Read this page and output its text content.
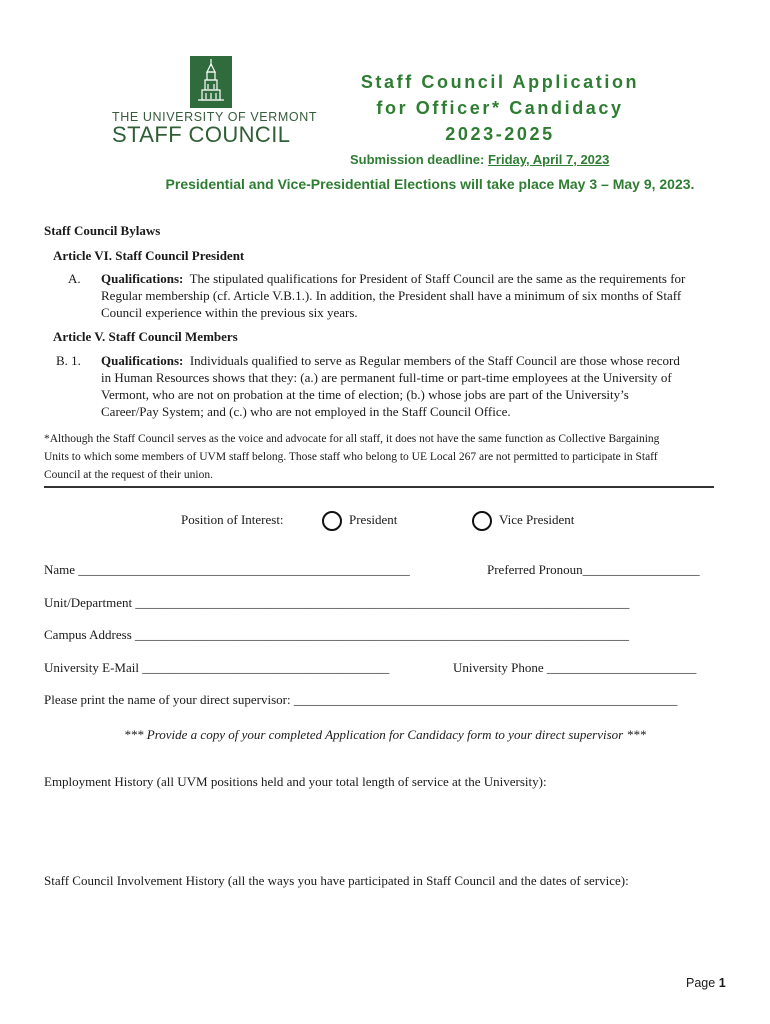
THE UNIVERSITY OF VERMONT
STAFF COUNCIL
Staff Council Application
for Officer* Candidacy
2023-2025
Submission deadline: Friday, April 7, 2023
Presidential and Vice-Presidential Elections will take place May 3 – May 9, 2023.
Staff Council Bylaws
Article VI. Staff Council President
A. Qualifications: The stipulated qualifications for President of Staff Council are the same as the requirements for
Regular membership (cf. Article V.B.1.). In addition, the President shall have a minimum of six months of Staff
Council experience within the previous six years.
Article V. Staff Council Members
B. 1. Qualifications: Individuals qualified to serve as Regular members of the Staff Council are those whose record
in Human Resources shows that they: (a.) are permanent full-time or part-time employees at the University of
Vermont, who are not on probation at the time of election; (b.) whose jobs are part of the University’s
Career/Pay System; and (c.) who are not employed in the Staff Council Office.
*Although the Staff Council serves as the voice and advocate for all staff, it does not have the same function as Collective Bargaining
Units to which some members of UVM staff belong. Those staff who belong to UE Local 267 are not permitted to participate in Staff
Council at the request of their union.
Position of Interest:	President	Vice President
Name ___________________________________________________	Preferred Pronoun__________________
Unit/Department ____________________________________________________________________________
Campus Address ____________________________________________________________________________
University E-Mail ______________________________________	University Phone _______________________
Please print the name of your direct supervisor: ___________________________________________________________
*** Provide a copy of your completed Application for Candidacy form to your direct supervisor ***
Employment History (all UVM positions held and your total length of service at the University):
Staff Council Involvement History (all the ways you have participated in Staff Council and the dates of service):
Page 1
